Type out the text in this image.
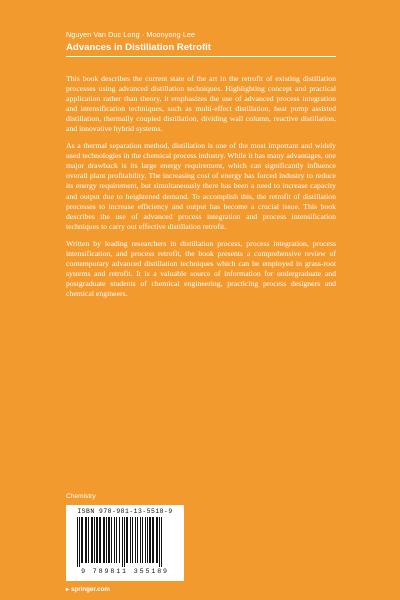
Nguyen Van Duc Long · Moonyong Lee
Advances in Distillation Retrofit

This book describes the current state of the art in the retrofit of existing distillation processes using advanced distillation techniques. Highlighting concept and practical application rather than theory, it emphasizes the use of advanced process integration and intensification techniques, such as multi-effect distillation, heat pump assisted distillation, thermally coupled distillation, dividing wall column, reactive distillation, and innovative hybrid systems.

As a thermal separation method, distillation is one of the most important and widely used technologies in the chemical process industry. While it has many advantages, one major drawback is its large energy requirement, which can significantly influence overall plant profitability. The increasing cost of energy has forced industry to reduce its energy requirement, but simultaneously there has been a need to increase capacity and output due to heightened demand. To accomplish this, the retrofit of distillation processes to increase efficiency and output has become a crucial issue. This book describes the use of advanced process integration and process intensification techniques to carry out effective distillation retrofit.

Written by leading researchers in distillation process, process integration, process intensification, and process retrofit, the book presents a comprehensive review of contemporary advanced distillation techniques which can be employed in grass-root systems and retrofit. It is a valuable source of information for undergraduate and postgraduate students of chemical engineering, practicing process designers and chemical engineers.

Chemistry
ISBN 978-981-13-5518-9
9 789811 355189
▸ springer.com
